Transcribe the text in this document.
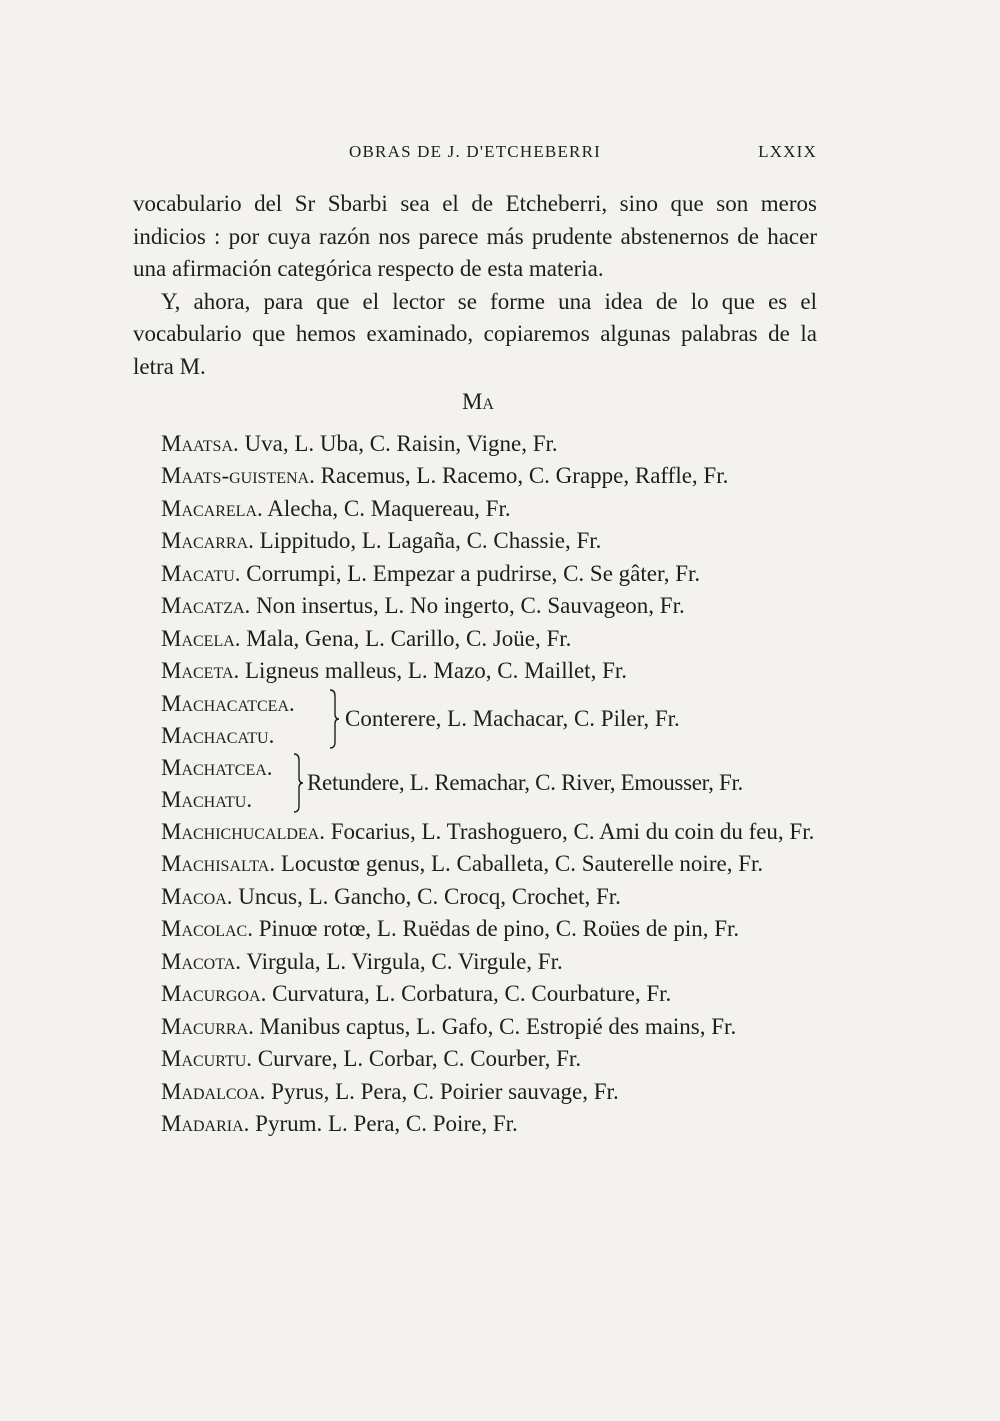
OBRAS DE J. D'ETCHEBERRI	LXXIX

vocabulario del Sr Sbarbi sea el de Etcheberri, sino que son meros indicios : por cuya razón nos parece más prudente abstenernos de hacer una afirmación categórica respecto de esta materia.

Y, ahora, para que el lector se forme una idea de lo que es el vocabulario que hemos examinado, copiaremos algunas palabras de la letra M.

Ma

Maatsa. Uva, L. Uba, C. Raisin, Vigne, Fr.

Maats-guistena. Racemus, L. Racemo, C. Grappe, Raffle, Fr.

Macarela. Alecha, C. Maquereau, Fr.

Macarra. Lippitudo, L. Lagaña, C. Chassie, Fr.

Macatu. Corrumpi, L. Empezar a pudrirse, C. Se gâter, Fr.

Macatza. Non insertus, L. No ingerto, C. Sauvageon, Fr.

Macela. Mala, Gena, L. Carillo, C. Joüe, Fr.

Maceta. Ligneus malleus, L. Mazo, C. Maillet, Fr.

Machacatcea.
Machacatu.
Conterere, L. Machacar, C. Piler, Fr.
Machatcea.
Machatu.
Retundere, L. Remachar, C. River, Emousser, Fr.

Machichucaldea. Focarius, L. Trashoguero, C. Ami du coin du feu, Fr.

Machisalta. Locustœ genus, L. Caballeta, C. Sauterelle noire, Fr.

Macoa. Uncus, L. Gancho, C. Crocq, Crochet, Fr.

Macolac. Pinuœ rotœ, L. Ruëdas de pino, C. Roües de pin, Fr.

Macota. Virgula, L. Virgula, C. Virgule, Fr.

Macurgoa. Curvatura, L. Corbatura, C. Courbature, Fr.

Macurra. Manibus captus, L. Gafo, C. Estropié des mains, Fr.

Macurtu. Curvare, L. Corbar, C. Courber, Fr.

Madalcoa. Pyrus, L. Pera, C. Poirier sauvage, Fr.

Madaria. Pyrum. L. Pera, C. Poire, Fr.
